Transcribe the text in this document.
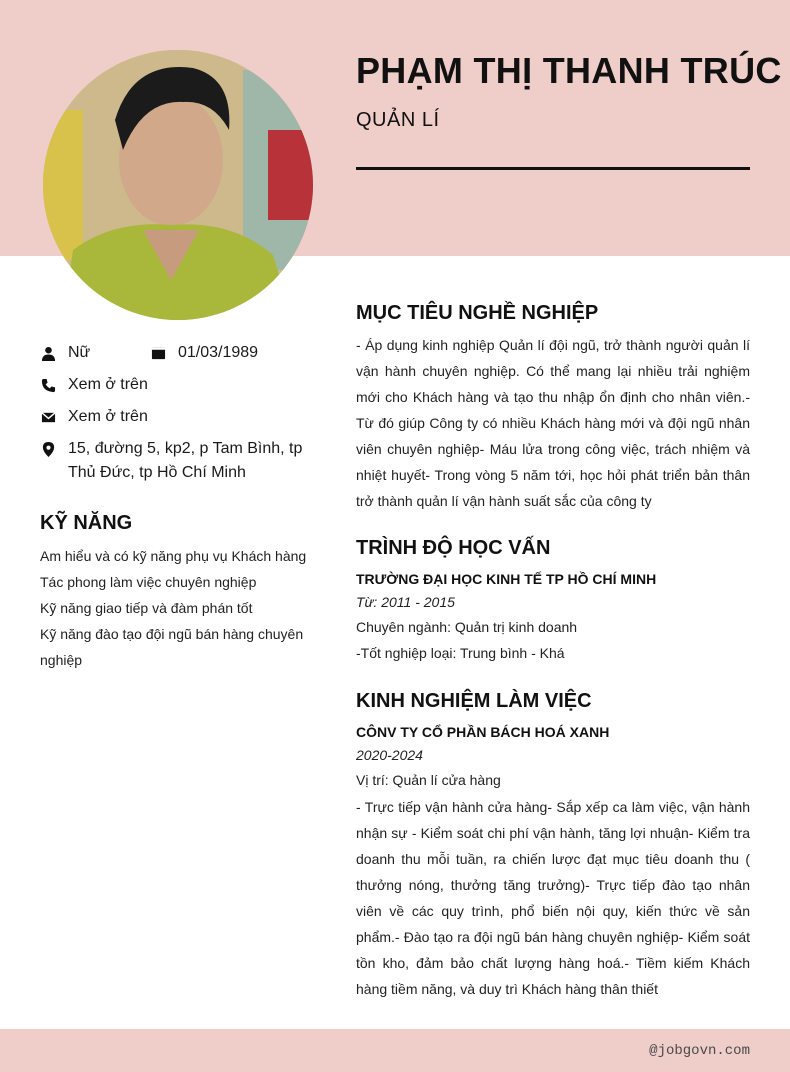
PHẠM THỊ THANH TRÚC
QUẢN LÍ
Nữ	01/03/1989
Xem ở trên
Xem ở trên
15, đường 5, kp2, p Tam Bình, tp Thủ Đức, tp Hồ Chí Minh
KỸ NĂNG
Am hiểu và có kỹ năng phụ vụ Khách hàng
Tác phong làm việc chuyên nghiệp
Kỹ năng giao tiếp và đàm phán tốt
Kỹ năng đào tạo đội ngũ bán hàng chuyên nghiệp
MỤC TIÊU NGHỀ NGHIỆP
- Áp dụng kinh nghiệp Quản lí đội ngũ, trở thành người quản lí vận hành chuyên nghiệp. Có thể mang lại nhiều trải nghiệm mới cho Khách hàng và tạo thu nhập ổn định cho nhân viên.- Từ đó giúp Công ty có nhiều Khách hàng mới và đội ngũ nhân viên chuyên nghiệp- Máu lửa trong công việc, trách nhiệm và nhiệt huyết- Trong vòng 5 năm tới, học hỏi phát triển bản thân trở thành quản lí vận hành suất sắc của công ty
TRÌNH ĐỘ HỌC VẤN
TRƯỜNG ĐẠI HỌC KINH TẾ TP HỒ CHÍ MINH
Từ: 2011 - 2015
Chuyên ngành: Quản trị kinh doanh
-Tốt nghiệp loại: Trung bình - Khá
KINH NGHIỆM LÀM VIỆC
CÔNV TY CỔ PHẦN BÁCH HOÁ XANH
2020-2024
Vị trí: Quản lí cửa hàng
- Trực tiếp vận hành cửa hàng- Sắp xếp ca làm việc, vận hành nhận sự - Kiểm soát chi phí vận hành, tăng lợi nhuận- Kiểm tra doanh thu mỗi tuần, ra chiến lược đạt mục tiêu doanh thu ( thưởng nóng, thưởng tăng trưởng)- Trực tiếp đào tạo nhân viên về các quy trình, phổ biến nội quy, kiến thức về sản phẩm.- Đào tạo ra đội ngũ bán hàng chuyên nghiệp- Kiểm soát tồn kho, đảm bảo chất lượng hàng hoá.- Tiềm kiếm Khách hàng tiềm năng, và duy trì Khách hàng thân thiết
@jobgovn.com
